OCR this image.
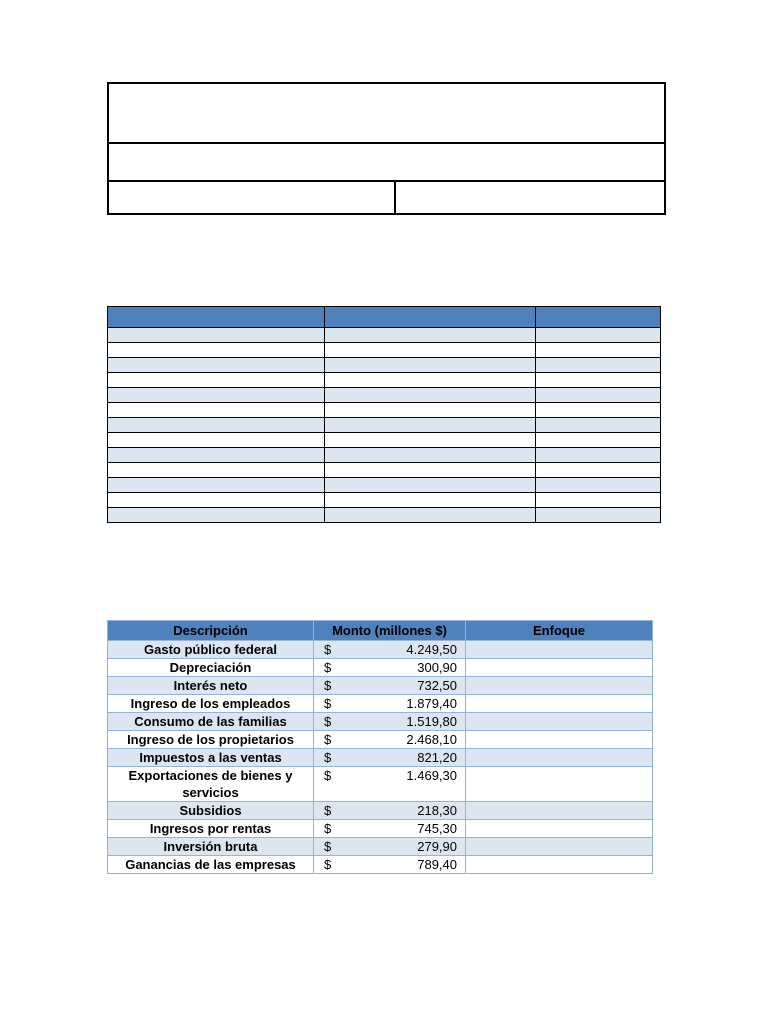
Descripción	Monto (millones $)	Enfoque
Gasto público federal	$ 4.249,50	

Depreciación	$ 300,90	

Interés neto	$ 732,50	

Ingreso de los empleados	$ 1.879,40	

Consumo de las familias	$ 1.519,80	

Ingreso de los propietarios	$ 2.468,10	

Impuestos a las ventas	$ 821,20	

Exportaciones de bienes y servicios	$ 1.469,30	

Subsidios	$ 218,30	

Ingresos por rentas	$ 745,30	

Inversión bruta	$ 279,90	

Ganancias de las empresas	$ 789,40	
